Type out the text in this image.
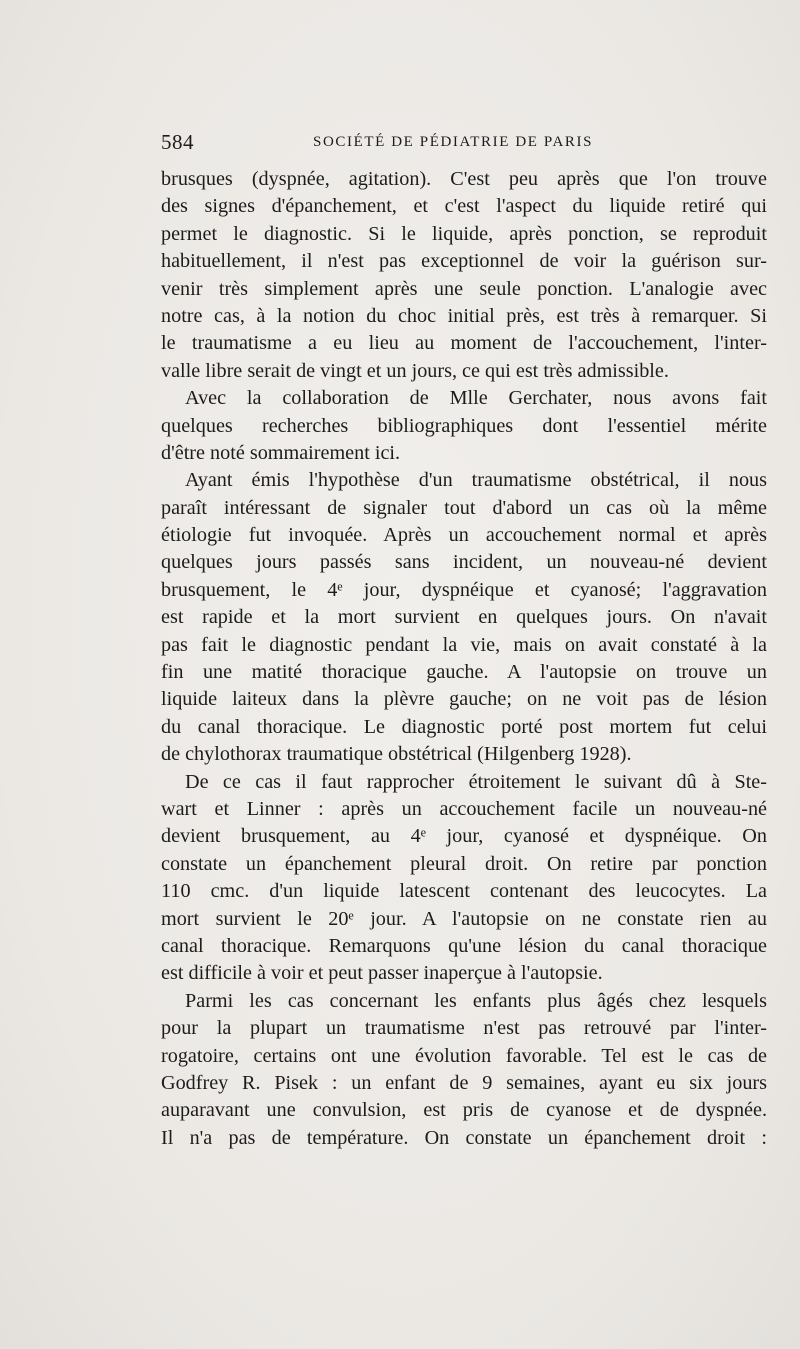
584	SOCIÉTÉ DE PÉDIATRIE DE PARIS
brusques (dyspnée, agitation). C'est peu après que l'on trouve
des signes d'épanchement, et c'est l'aspect du liquide retiré qui
permet le diagnostic. Si le liquide, après ponction, se reproduit
habituellement, il n'est pas exceptionnel de voir la guérison sur-
venir très simplement après une seule ponction. L'analogie avec
notre cas, à la notion du choc initial près, est très à remarquer. Si
le traumatisme a eu lieu au moment de l'accouchement, l'inter-
valle libre serait de vingt et un jours, ce qui est très admissible.
Avec la collaboration de Mlle Gerchater, nous avons fait
quelques recherches bibliographiques dont l'essentiel mérite
d'être noté sommairement ici.
Ayant émis l'hypothèse d'un traumatisme obstétrical, il nous
paraît intéressant de signaler tout d'abord un cas où la même
étiologie fut invoquée. Après un accouchement normal et après
quelques jours passés sans incident, un nouveau-né devient
brusquement, le 4ᵉ jour, dyspnéique et cyanosé; l'aggravation
est rapide et la mort survient en quelques jours. On n'avait
pas fait le diagnostic pendant la vie, mais on avait constaté à la
fin une matité thoracique gauche. A l'autopsie on trouve un
liquide laiteux dans la plèvre gauche; on ne voit pas de lésion
du canal thoracique. Le diagnostic porté post mortem fut celui
de chylothorax traumatique obstétrical (Hilgenberg 1928).
De ce cas il faut rapprocher étroitement le suivant dû à Ste-
wart et Linner : après un accouchement facile un nouveau-né
devient brusquement, au 4ᵉ jour, cyanosé et dyspnéique. On
constate un épanchement pleural droit. On retire par ponction
110 cmc. d'un liquide latescent contenant des leucocytes. La
mort survient le 20ᵉ jour. A l'autopsie on ne constate rien au
canal thoracique. Remarquons qu'une lésion du canal thoracique
est difficile à voir et peut passer inaperçue à l'autopsie.
Parmi les cas concernant les enfants plus âgés chez lesquels
pour la plupart un traumatisme n'est pas retrouvé par l'inter-
rogatoire, certains ont une évolution favorable. Tel est le cas de
Godfrey R. Pisek : un enfant de 9 semaines, ayant eu six jours
auparavant une convulsion, est pris de cyanose et de dyspnée.
Il n'a pas de température. On constate un épanchement droit :
